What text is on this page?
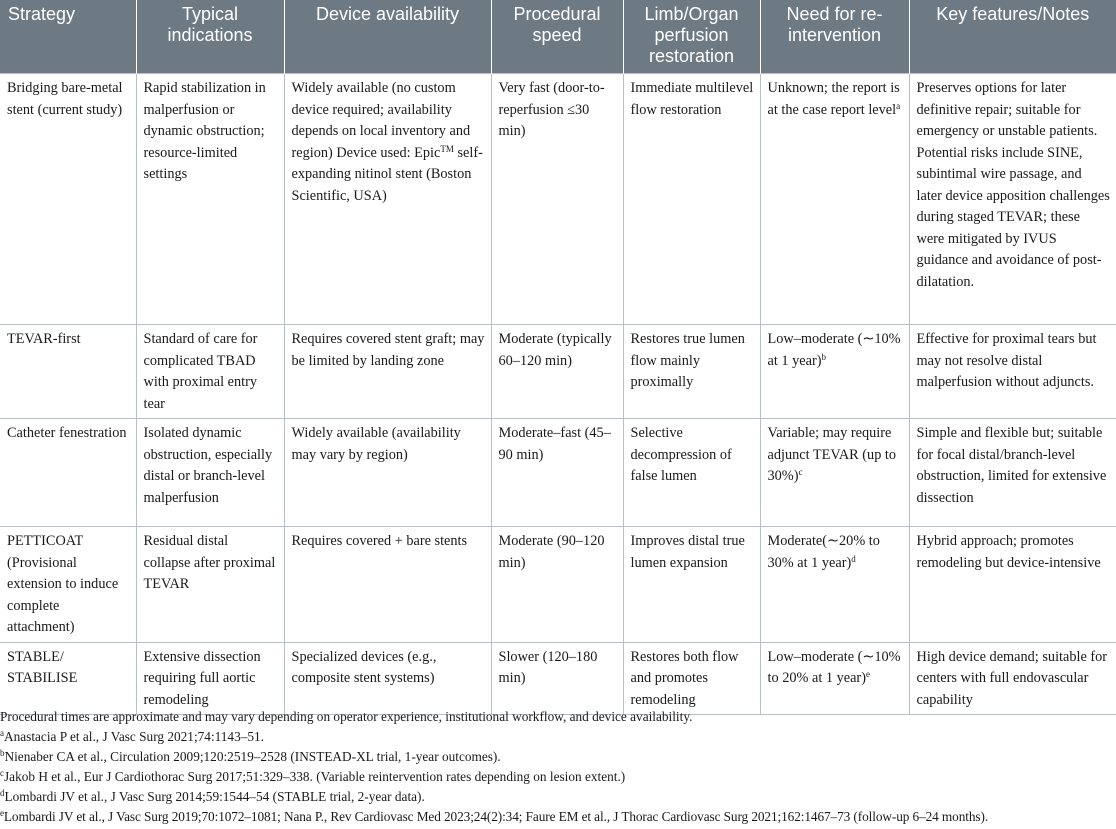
Strategy	Typical indications	Device availability	Procedural speed	Limb/Organ perfusion restoration	Need for re-intervention	Key features/Notes
Bridging bare-metal stent (current study)	Rapid stabilization in malperfusion or dynamic obstruction; resource-limited settings	Widely available (no custom device required; availability depends on local inventory and region) Device used: Epic™ self-expanding nitinol stent (Boston Scientific, USA)	Very fast (door-to-reperfusion ≤30 min)	Immediate multilevel flow restoration	Unknown; the report is at the case report level$^a$	Preserves options for later definitive repair; suitable for emergency or unstable patients. Potential risks include SINE, subintimal wire passage, and later device apposition challenges during staged TEVAR; these were mitigated by IVUS guidance and avoidance of post-dilatation.
TEVAR-first	Standard of care for complicated TBAD with proximal entry tear	Requires covered stent graft; may be limited by landing zone	Moderate (typically 60–120 min)	Restores true lumen flow mainly proximally	Low–moderate (∼10% at 1 year)$^b$	Effective for proximal tears but may not resolve distal malperfusion without adjuncts.
Catheter fenestration	Isolated dynamic obstruction, especially distal or branch-level malperfusion	Widely available (availability may vary by region)	Moderate–fast (45–90 min)	Selective decompression of false lumen	Variable; may require adjunct TEVAR (up to 30%)$^c$	Simple and flexible but; suitable for focal distal/branch-level obstruction, limited for extensive dissection
PETTICOAT (Provisional extension to induce complete attachment)	Residual distal collapse after proximal TEVAR	Requires covered + bare stents	Moderate (90–120 min)	Improves distal true lumen expansion	Moderate(∼20% to 30% at 1 year)$^d$	Hybrid approach; promotes remodeling but device-intensive
STABLE/ STABILISE	Extensive dissection requiring full aortic remodeling	Specialized devices (e.g., composite stent systems)	Slower (120–180 min)	Restores both flow and promotes remodeling	Low–moderate (∼10% to 20% at 1 year)$^e$	High device demand; suitable for centers with full endovascular capability
Procedural times are approximate and may vary depending on operator experience, institutional workflow, and device availability.
$^a$Anastacia P et al., J Vasc Surg 2021;74:1143–51.
$^b$Nienaber CA et al., Circulation 2009;120:2519–2528 (INSTEAD-XL trial, 1-year outcomes).
$^c$Jakob H et al., Eur J Cardiothorac Surg 2017;51:329–338. (Variable reintervention rates depending on lesion extent.)
$^d$Lombardi JV et al., J Vasc Surg 2014;59:1544–54 (STABLE trial, 2-year data).
$^e$Lombardi JV et al., J Vasc Surg 2019;70:1072–1081; Nana P., Rev Cardiovasc Med 2023;24(2):34; Faure EM et al., J Thorac Cardiovasc Surg 2021;162:1467–73 (follow-up 6–24 months).
